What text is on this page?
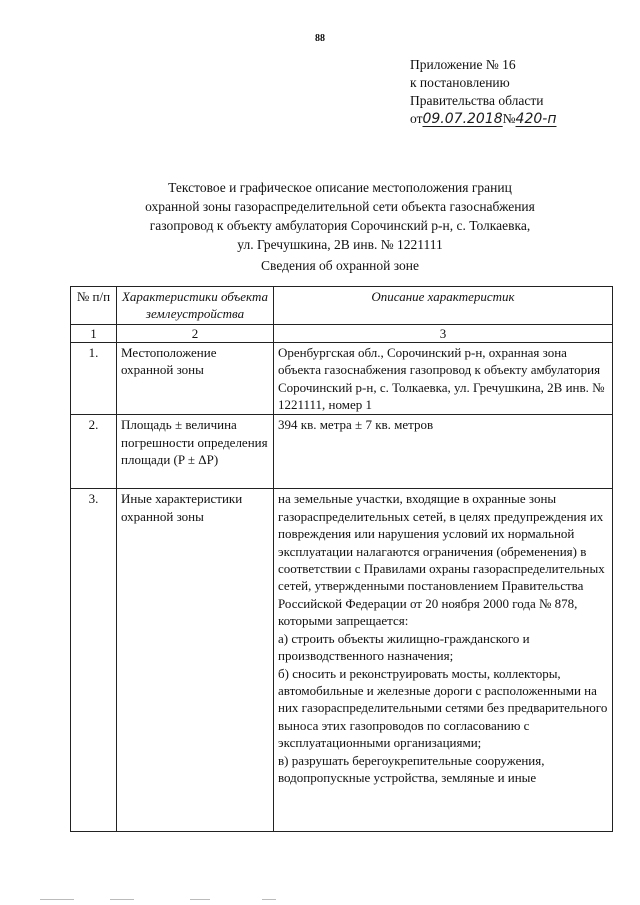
88
Приложение № 16
к постановлению
Правительства области
от09.07.2018№420-п
Текстовое и графическое описание местоположения границ
охранной зоны газораспределительной сети объекта газоснабжения
газопровод к объекту амбулатория Сорочинский р-н, с. Толкаевка,
ул. Гречушкина, 2В инв. № 1221111
Сведения об охранной зоне
№ п/п	Характеристики объекта землеустройства	Описание характеристик
1	2	3
1.	Местоположение охранной зоны	Оренбургская обл., Сорочинский р-н, охранная зона объекта газоснабжения газопровод к объекту амбулатория Сорочинский р-н, с. Толкаевка, ул. Гречушкина, 2В инв. № 1221111, номер 1
2.	Площадь ± величина погрешности определения площади (P ± ΔP)	394 кв. метра ± 7 кв. метров
3.	Иные характеристики охранной зоны	на земельные участки, входящие в охранные зоны газораспределительных сетей, в целях предупреждения их повреждения или нарушения условий их нормальной эксплуатации налагаются ограничения (обременения) в соответствии с Правилами охраны газораспределительных сетей, утвержденными постановлением Правительства Российской Федерации от 20 ноября 2000 года № 878, которыми запрещается:
а) строить объекты жилищно-гражданского и производственного назначения;
б) сносить и реконструировать мосты, коллекторы, автомобильные и железные дороги с расположенными на них газораспределительными сетями без предварительного выноса этих газопроводов по согласованию с эксплуатационными организациями;
в) разрушать берегоукрепительные сооружения, водопропускные устройства, земляные и иные
